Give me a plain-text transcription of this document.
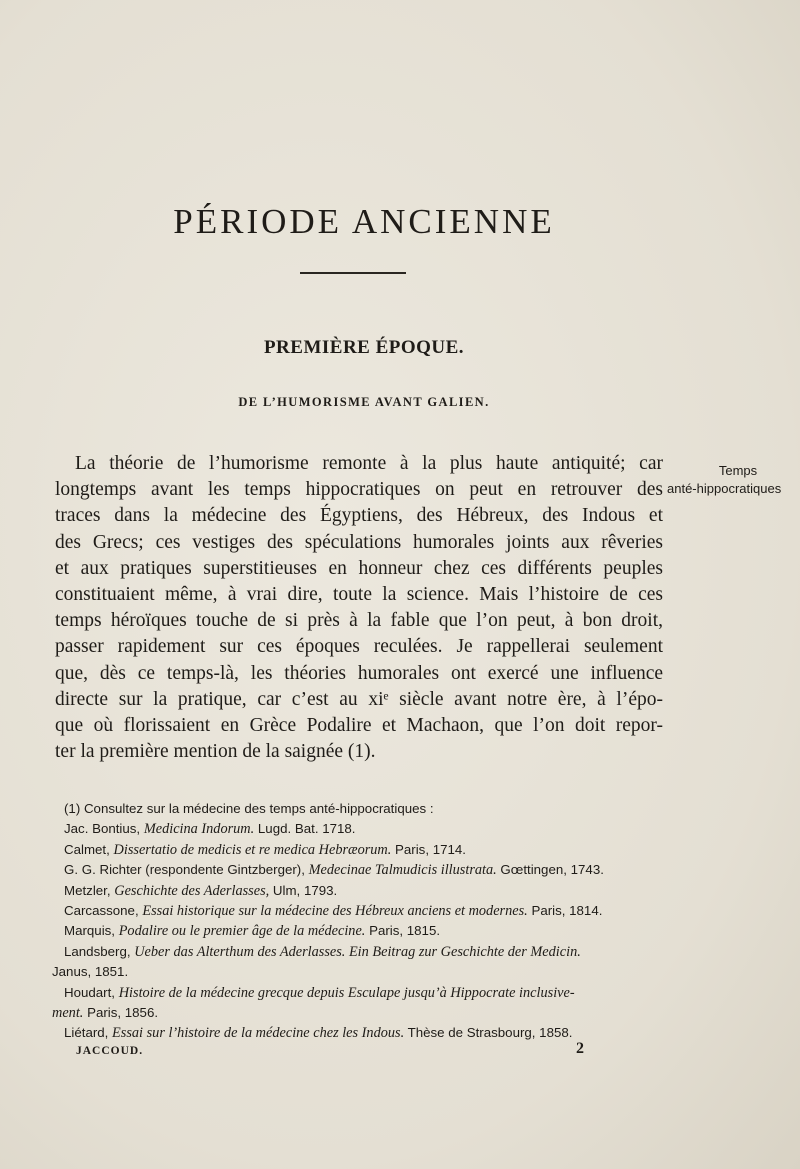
PÉRIODE ANCIENNE
PREMIÈRE ÉPOQUE.
DE L’HUMORISME AVANT GALIEN.
La théorie de l’humorisme remonte à la plus haute antiquité; car
longtemps avant les temps hippocratiques on peut en retrouver des
traces dans la médecine des Égyptiens, des Hébreux, des Indous et
des Grecs; ces vestiges des spéculations humorales joints aux rêveries
et aux pratiques superstitieuses en honneur chez ces différents peuples
constituaient même, à vrai dire, toute la science. Mais l’histoire de ces
temps héroïques touche de si près à la fable que l’on peut, à bon droit,
passer rapidement sur ces époques reculées. Je rappellerai seulement
que, dès ce temps-là, les théories humorales ont exercé une influence
directe sur la pratique, car c’est au xiᵉ siècle avant notre ère, à l’épo-
que où florissaient en Grèce Podalire et Machaon, que l’on doit repor-
ter la première mention de la saignée (1).
Temps
anté-hippocratiques
(1) Consultez sur la médecine des temps anté-hippocratiques :
Jac. Bontius, Medicina Indorum. Lugd. Bat. 1718.
Calmet, Dissertatio de medicis et re medica Hebræorum. Paris, 1714.
G. G. Richter (respondente Gintzberger), Medecinae Talmudicis illustrata. Gœttingen, 1743.
Metzler, Geschichte des Aderlasses, Ulm, 1793.
Carcassone, Essai historique sur la médecine des Hébreux anciens et modernes. Paris, 1814.
Marquis, Podalire ou le premier âge de la médecine. Paris, 1815.
Landsberg, Ueber das Alterthum des Aderlasses. Ein Beitrag zur Geschichte der Medicin.
Janus, 1851.
Houdart, Histoire de la médecine grecque depuis Esculape jusqu’à Hippocrate inclusive-
ment. Paris, 1856.
Liétard, Essai sur l’histoire de la médecine chez les Indous. Thèse de Strasbourg, 1858.
JACCOUD.	2
